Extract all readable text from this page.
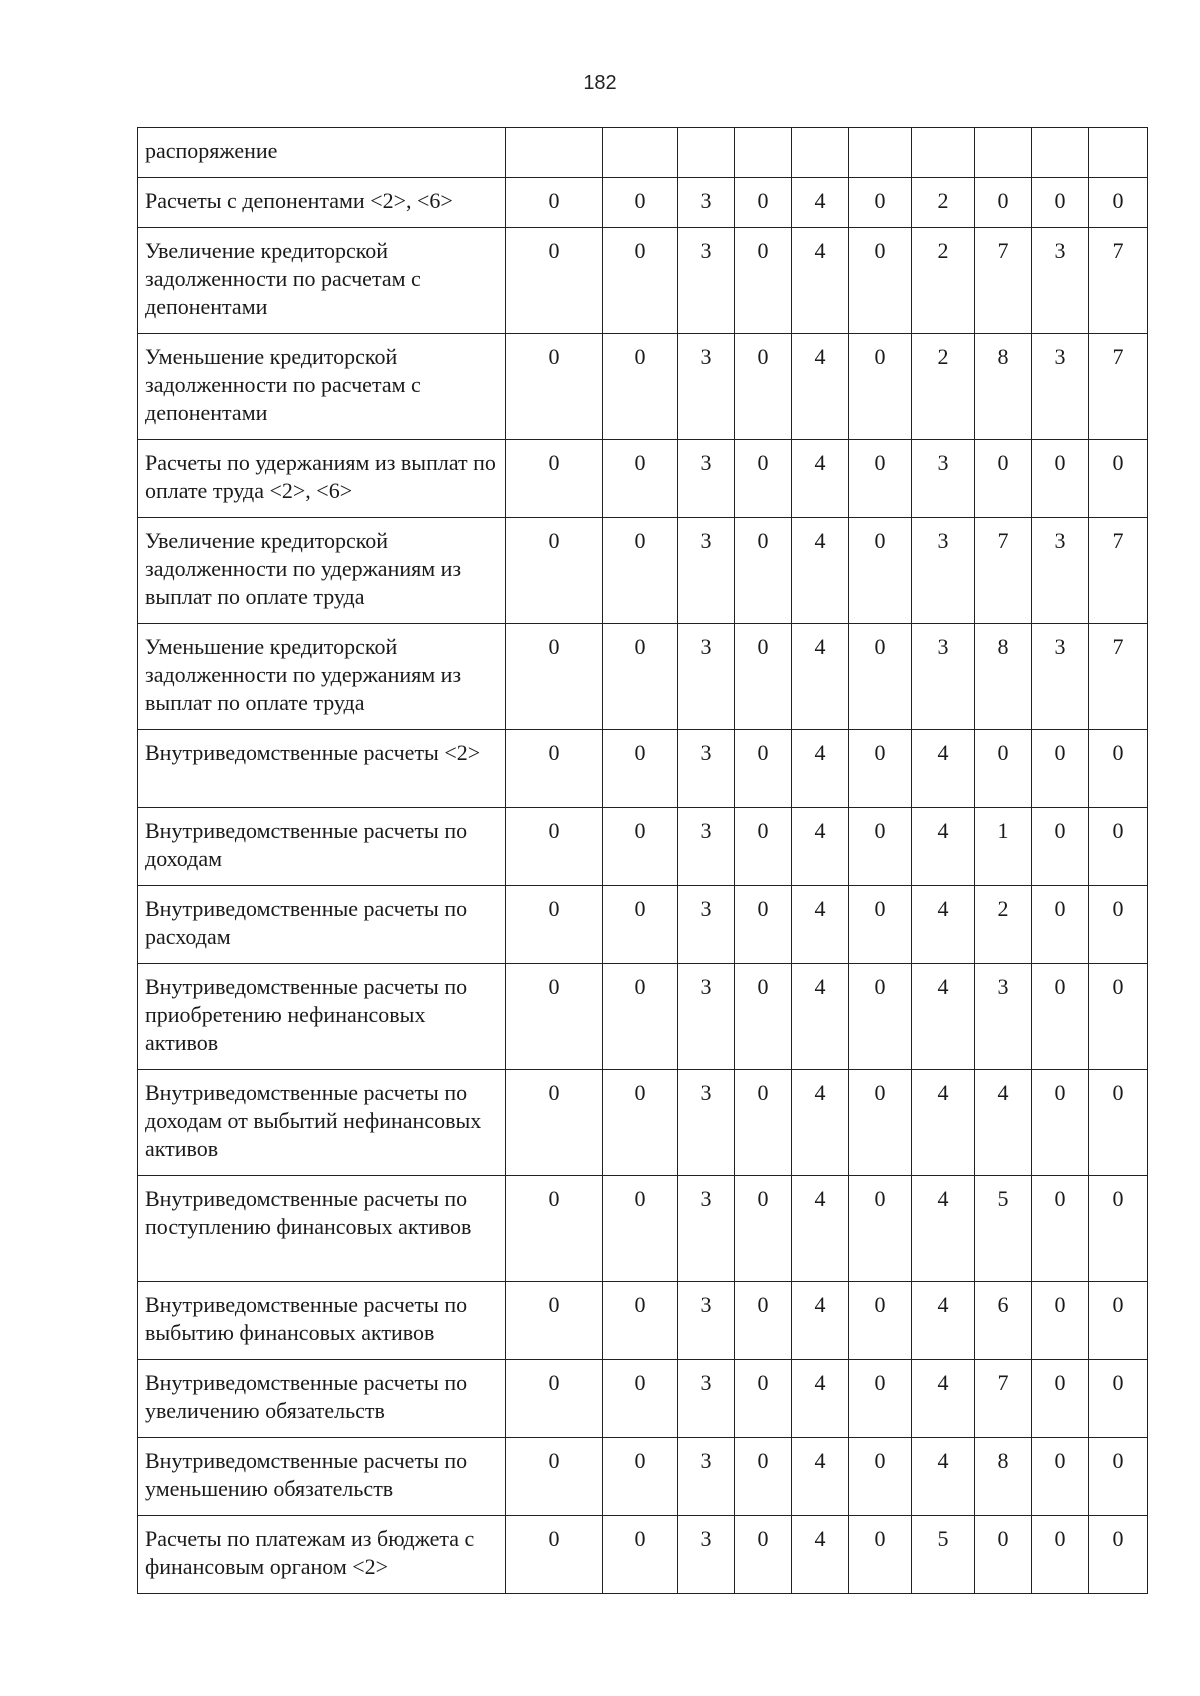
182
распоряжение										
Расчеты с депонентами <2>, <6>	0	0	3	0	4	0	2	0	0	0
Увеличение кредиторской задолженности по расчетам с депонентами	0	0	3	0	4	0	2	7	3	7
Уменьшение кредиторской задолженности по расчетам с депонентами	0	0	3	0	4	0	2	8	3	7
Расчеты по удержаниям из выплат по оплате труда <2>, <6>	0	0	3	0	4	0	3	0	0	0
Увеличение кредиторской задолженности по удержаниям из выплат по оплате труда	0	0	3	0	4	0	3	7	3	7
Уменьшение кредиторской задолженности по удержаниям из выплат по оплате труда	0	0	3	0	4	0	3	8	3	7
Внутриведомственные расчеты <2>	0	0	3	0	4	0	4	0	0	0
Внутриведомственные расчеты по доходам	0	0	3	0	4	0	4	1	0	0
Внутриведомственные расчеты по расходам	0	0	3	0	4	0	4	2	0	0
Внутриведомственные расчеты по приобретению нефинансовых активов	0	0	3	0	4	0	4	3	0	0
Внутриведомственные расчеты по доходам от выбытий нефинансовых активов	0	0	3	0	4	0	4	4	0	0
Внутриведомственные расчеты по поступлению финансовых активов	0	0	3	0	4	0	4	5	0	0
Внутриведомственные расчеты по выбытию финансовых активов	0	0	3	0	4	0	4	6	0	0
Внутриведомственные расчеты по увеличению обязательств	0	0	3	0	4	0	4	7	0	0
Внутриведомственные расчеты по уменьшению обязательств	0	0	3	0	4	0	4	8	0	0
Расчеты по платежам из бюджета с финансовым органом <2>	0	0	3	0	4	0	5	0	0	0
